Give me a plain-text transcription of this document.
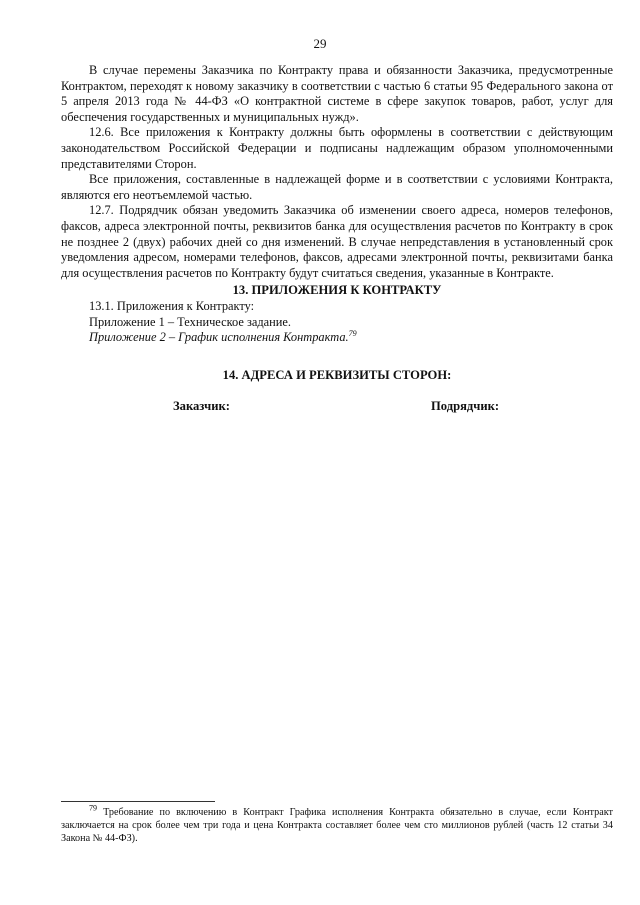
29

В случае перемены Заказчика по Контракту права и обязанности Заказчика, предусмотренные Контрактом, переходят к новому заказчику в соответствии с частью 6 статьи 95 Федерального закона от 5 апреля 2013 года № 44-ФЗ «О контрактной системе в сфере закупок товаров, работ, услуг для обеспечения государственных и муниципальных нужд».

12.6. Все приложения к Контракту должны быть оформлены в соответствии с действующим законодательством Российской Федерации и подписаны надлежащим образом уполномоченными представителями Сторон.

Все приложения, составленные в надлежащей форме и в соответствии с условиями Контракта, являются его неотъемлемой частью.

12.7. Подрядчик обязан уведомить Заказчика об изменении своего адреса, номеров телефонов, факсов, адреса электронной почты, реквизитов банка для осуществления расчетов по Контракту в срок не позднее 2 (двух) рабочих дней со дня изменений. В случае непредставления в установленный срок уведомления адресом, номерами телефонов, факсов, адресами электронной почты, реквизитами банка для осуществления расчетов по Контракту будут считаться сведения, указанные в Контракте.

13. ПРИЛОЖЕНИЯ К КОНТРАКТУ

13.1. Приложения к Контракту:

Приложение 1 – Техническое задание.

Приложение 2 – График исполнения Контракта.$^{79}$

14. АДРЕСА И РЕКВИЗИТЫ СТОРОН:

Заказчик:	Подрядчик:

$^{79}$ Требование по включению в Контракт Графика исполнения Контракта обязательно в случае, если Контракт заключается на срок более чем три года и цена Контракта составляет более чем сто миллионов рублей (часть 12 статьи 34 Закона № 44-ФЗ).
